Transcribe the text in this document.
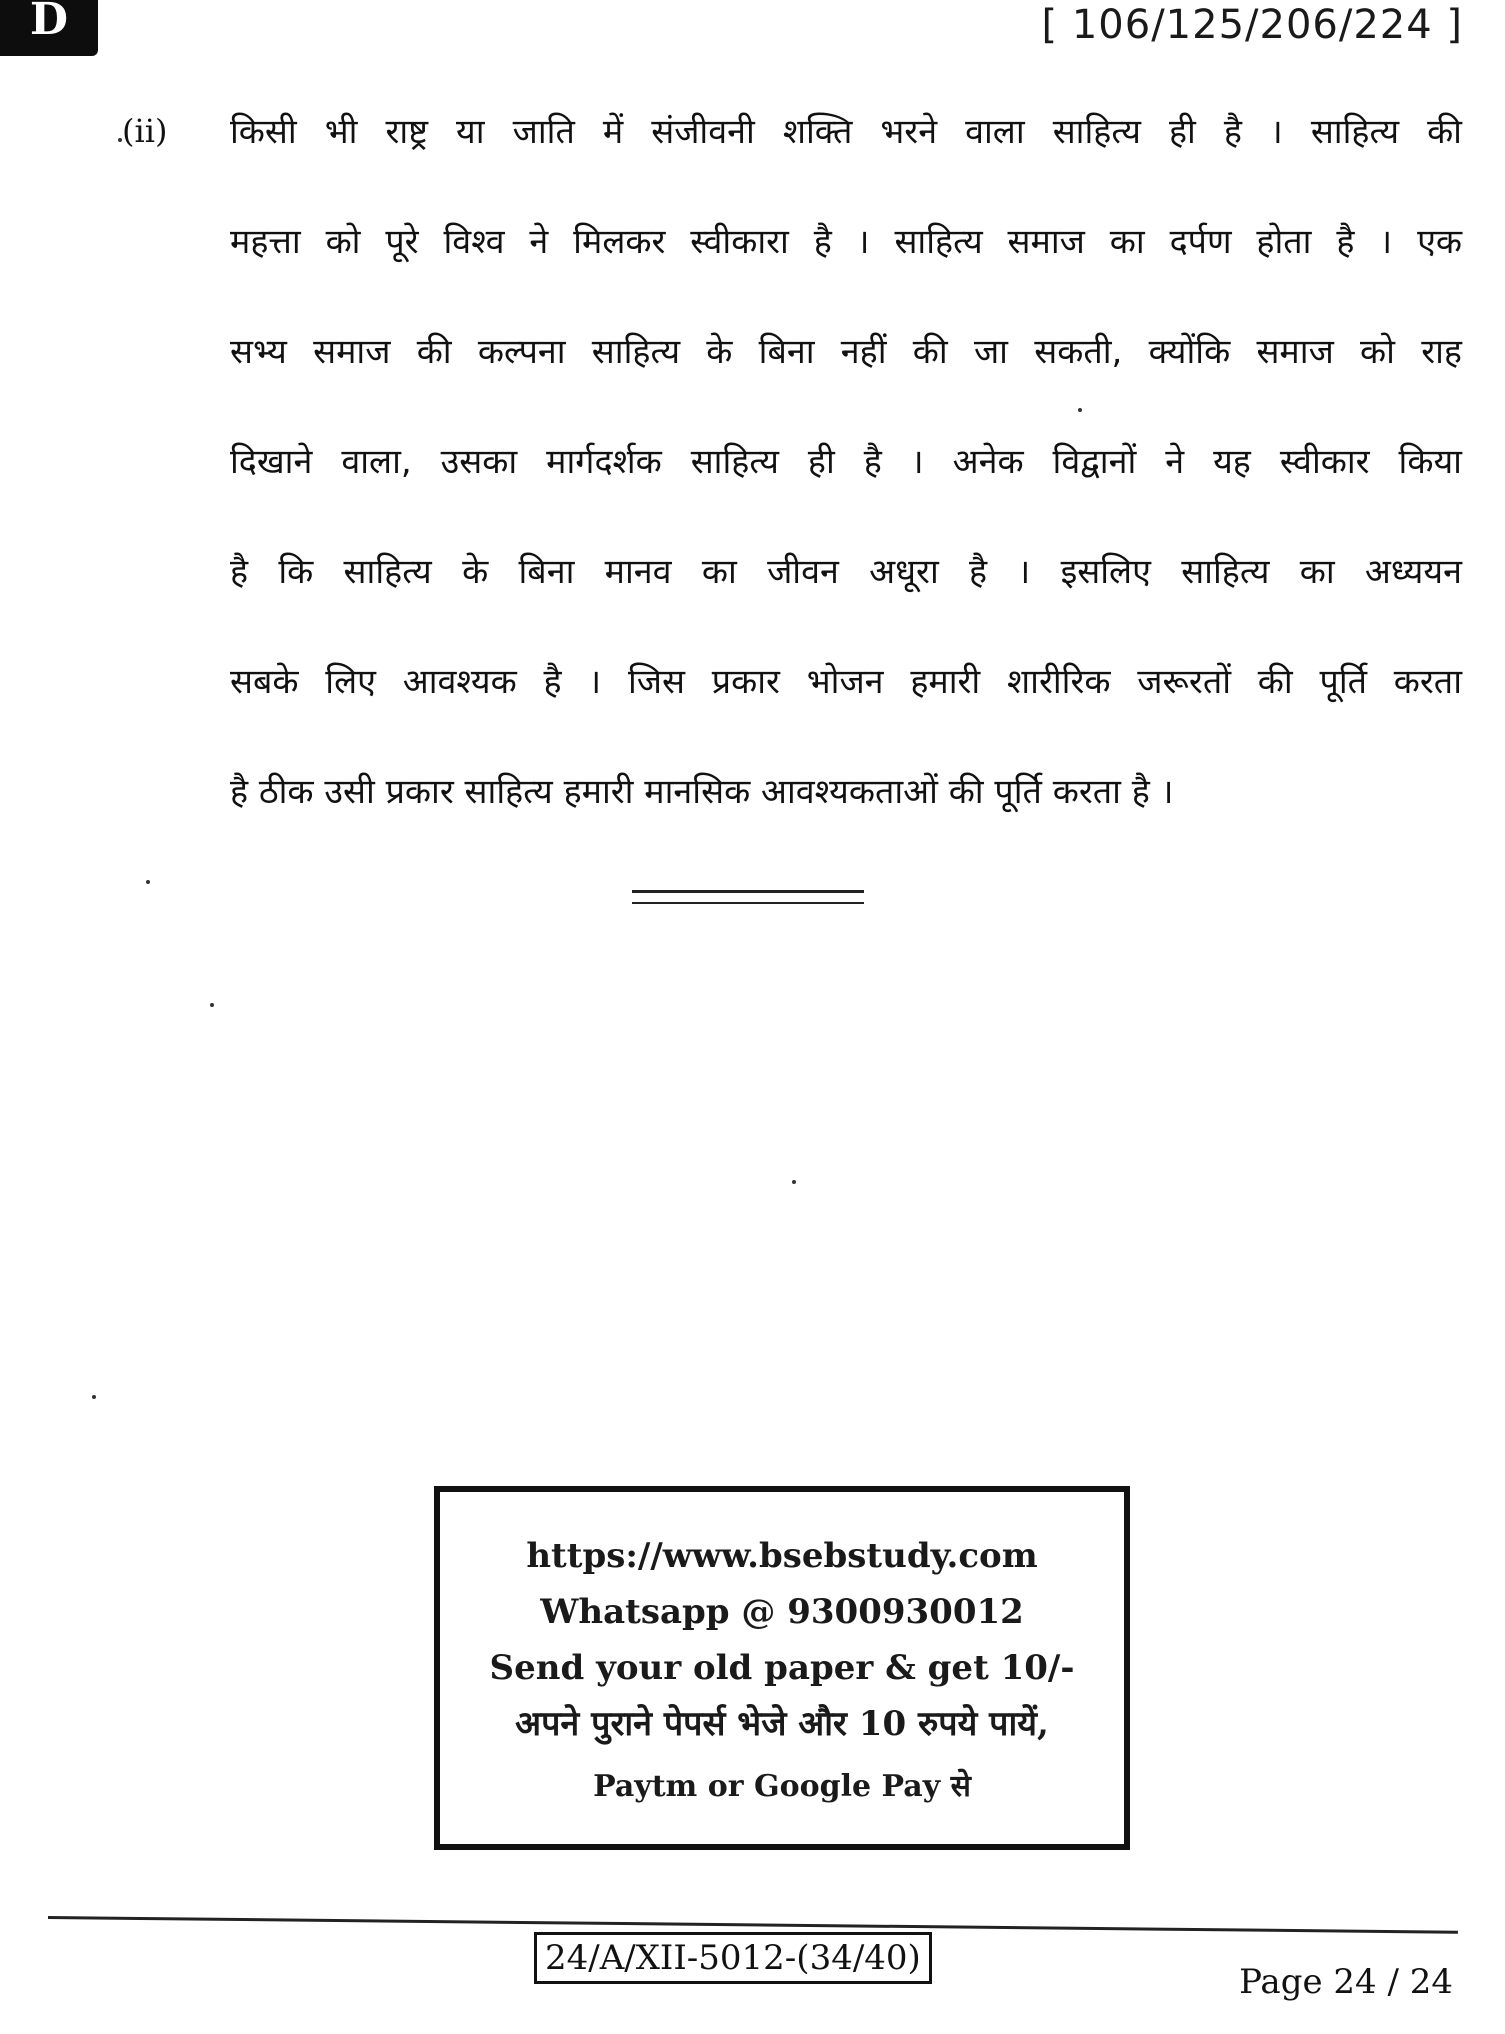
D	[ 106/125/206/224 ]
(ii) किसी भी राष्ट्र या जाति में संजीवनी शक्ति भरने वाला साहित्य ही है । साहित्य की
महत्ता को पूरे विश्व ने मिलकर स्वीकारा है । साहित्य समाज का दर्पण होता है । एक
सभ्य समाज की कल्पना साहित्य के बिना नहीं की जा सकती, क्योंकि समाज को राह
दिखाने वाला, उसका मार्गदर्शक साहित्य ही है । अनेक विद्वानों ने यह स्वीकार किया
है कि साहित्य के बिना मानव का जीवन अधूरा है । इसलिए साहित्य का अध्ययन
सबके लिए आवश्यक है । जिस प्रकार भोजन हमारी शारीरिक जरूरतों की पूर्ति करता
है ठीक उसी प्रकार साहित्य हमारी मानसिक आवश्यकताओं की पूर्ति करता है ।
https://www.bsebstudy.com
Whatsapp @ 9300930012
Send your old paper & get 10/-
अपने पुराने पेपर्स भेजे और 10 रुपये पायें,
Paytm or Google Pay से
24/A/XII-5012-(34/40)
Page 24 / 24
